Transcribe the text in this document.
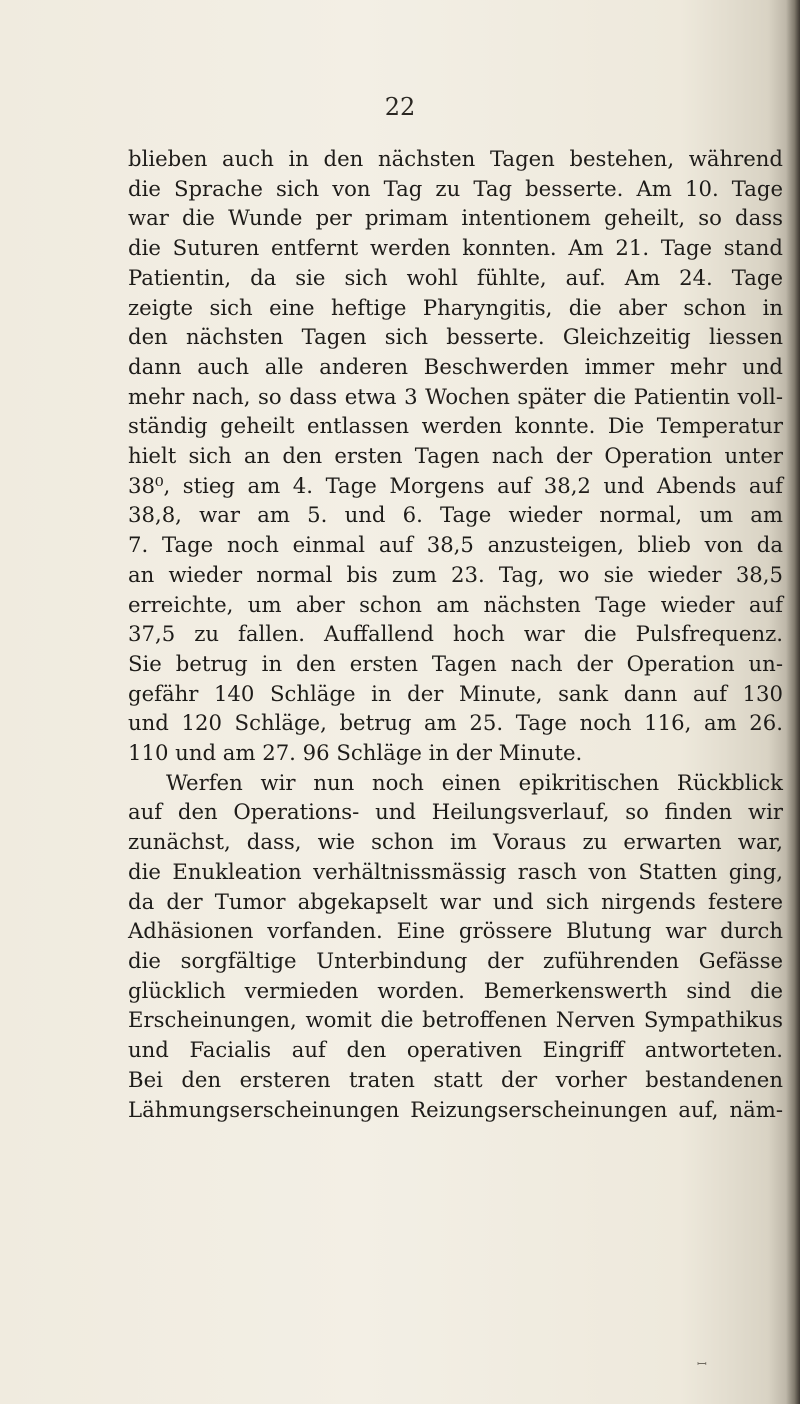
22
blieben auch in den nächsten Tagen bestehen, während
die Sprache sich von Tag zu Tag besserte. Am 10. Tage
war die Wunde per primam intentionem geheilt, so dass
die Suturen entfernt werden konnten. Am 21. Tage stand
Patientin, da sie sich wohl fühlte, auf. Am 24. Tage
zeigte sich eine heftige Pharyngitis, die aber schon in
den nächsten Tagen sich besserte. Gleichzeitig liessen
dann auch alle anderen Beschwerden immer mehr und
mehr nach, so dass etwa 3 Wochen später die Patientin voll-
ständig geheilt entlassen werden konnte. Die Temperatur
hielt sich an den ersten Tagen nach der Operation unter
38⁰, stieg am 4. Tage Morgens auf 38,2 und Abends auf
38,8, war am 5. und 6. Tage wieder normal, um am
7. Tage noch einmal auf 38,5 anzusteigen, blieb von da
an wieder normal bis zum 23. Tag, wo sie wieder 38,5
erreichte, um aber schon am nächsten Tage wieder auf
37,5 zu fallen. Auffallend hoch war die Pulsfrequenz.
Sie betrug in den ersten Tagen nach der Operation un-
gefähr 140 Schläge in der Minute, sank dann auf 130
und 120 Schläge, betrug am 25. Tage noch 116, am 26.
110 und am 27. 96 Schläge in der Minute.
Werfen wir nun noch einen epikritischen Rückblick
auf den Operations- und Heilungsverlauf, so finden wir
zunächst, dass, wie schon im Voraus zu erwarten war,
die Enukleation verhältnissmässig rasch von Statten ging,
da der Tumor abgekapselt war und sich nirgends festere
Adhäsionen vorfanden. Eine grössere Blutung war durch
die sorgfältige Unterbindung der zuführenden Gefässe
glücklich vermieden worden. Bemerkenswerth sind die
Erscheinungen, womit die betroffenen Nerven Sympathikus
und Facialis auf den operativen Eingriff antworteten.
Bei den ersteren traten statt der vorher bestandenen
Lähmungserscheinungen Reizungserscheinungen auf, näm-
ꟷ
